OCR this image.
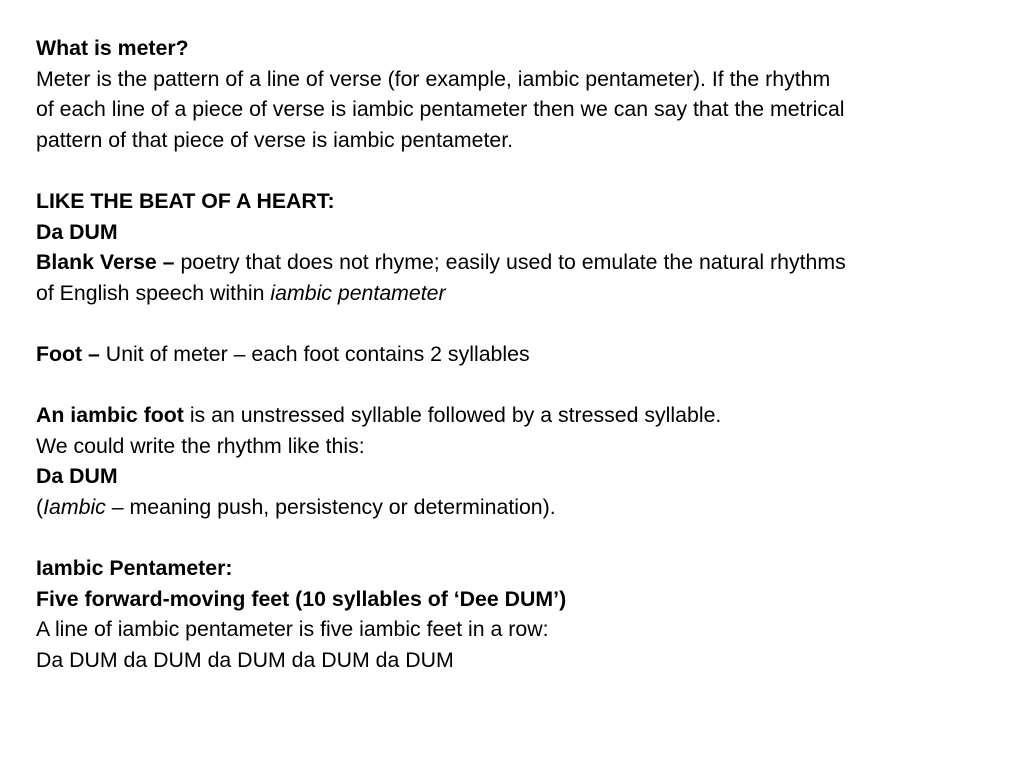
What is meter?
Meter is the pattern of a line of verse (for example, iambic pentameter). If the rhythm
of each line of a piece of verse is iambic pentameter then we can say that the metrical
pattern of that piece of verse is iambic pentameter.
LIKE THE BEAT OF A HEART:
Da DUM
Blank Verse – poetry that does not rhyme; easily used to emulate the natural rhythms
of English speech within iambic pentameter
Foot – Unit of meter – each foot contains 2 syllables
An iambic foot is an unstressed syllable followed by a stressed syllable.
We could write the rhythm like this:
Da DUM
(Iambic – meaning push, persistency or determination).
Iambic Pentameter:
Five forward-moving feet (10 syllables of ‘Dee DUM’)
A line of iambic pentameter is five iambic feet in a row:
Da DUM da DUM da DUM da DUM da DUM
